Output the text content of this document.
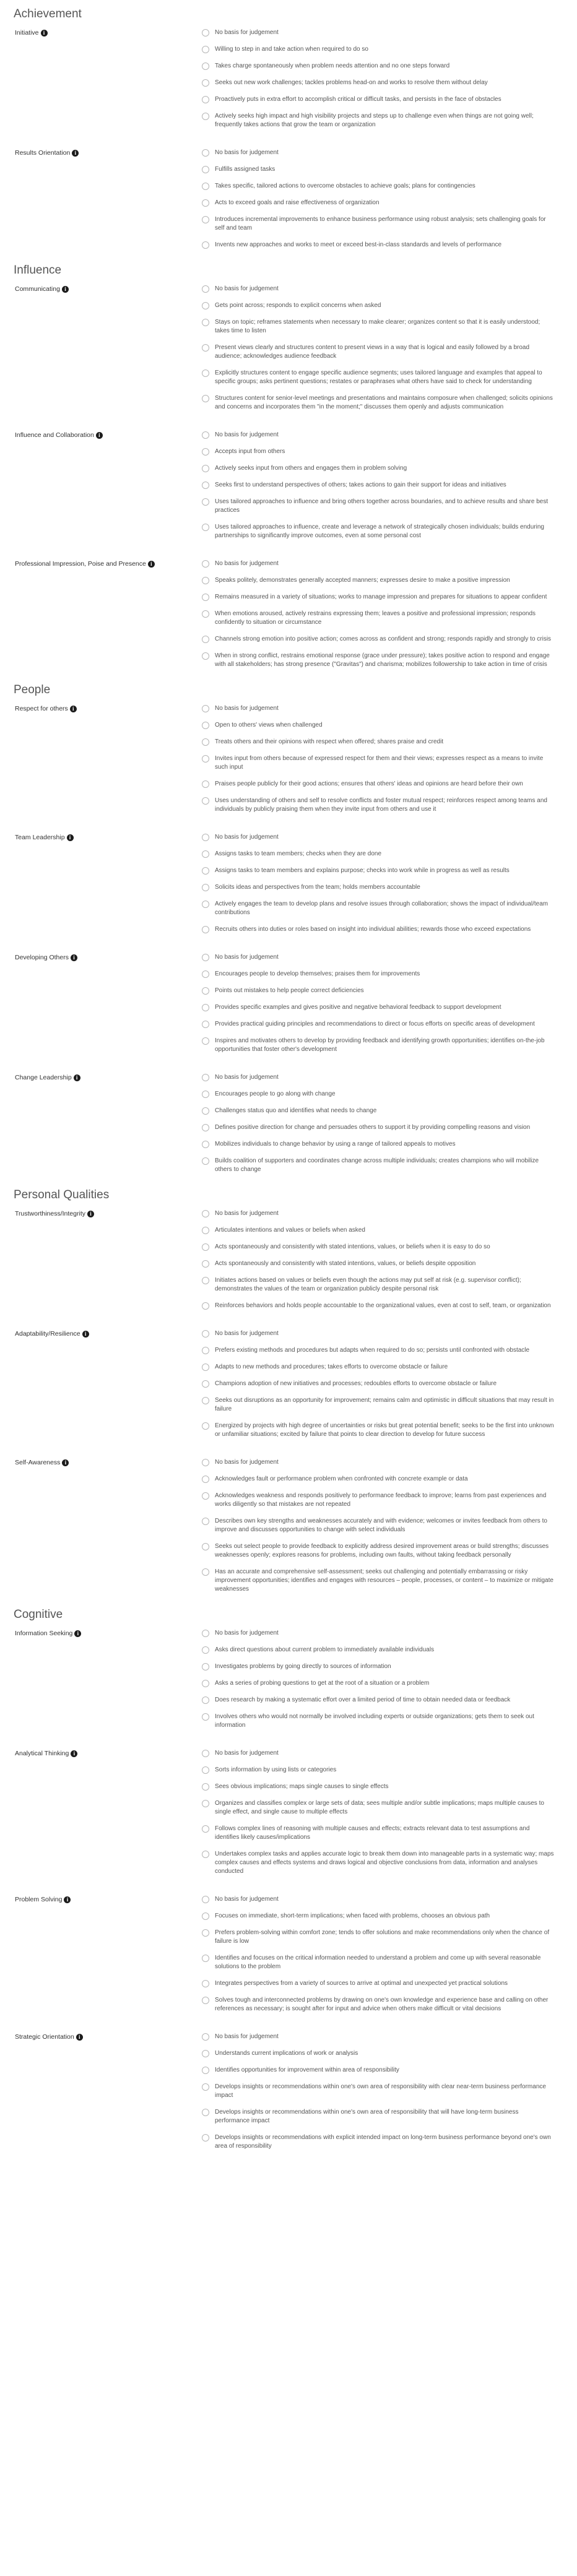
Achievement
Initiative i	No basis for judgement
Willing to step in and take action when required to do so
Takes charge spontaneously when problem needs attention and no one steps forward
Seeks out new work challenges; tackles problems head-on and works to resolve them without delay
Proactively puts in extra effort to accomplish critical or difficult tasks, and persists in the face of obstacles
Actively seeks high impact and high visibility projects and steps up to challenge even when things are not going well; frequently takes actions that grow the team or organization
Results Orientation i	No basis for judgement
Fulfills assigned tasks
Takes specific, tailored actions to overcome obstacles to achieve goals; plans for contingencies
Acts to exceed goals and raise effectiveness of organization
Introduces incremental improvements to enhance business performance using robust analysis; sets challenging goals for self and team
Invents new approaches and works to meet or exceed best-in-class standards and levels of performance
Influence
Communicating i	No basis for judgement
Gets point across; responds to explicit concerns when asked
Stays on topic; reframes statements when necessary to make clearer; organizes content so that it is easily understood; takes time to listen
Present views clearly and structures content to present views in a way that is logical and easily followed by a broad audience; acknowledges audience feedback
Explicitly structures content to engage specific audience segments; uses tailored language and examples that appeal to specific groups; asks pertinent questions; restates or paraphrases what others have said to check for understanding
Structures content for senior-level meetings and presentations and maintains composure when challenged; solicits opinions and concerns and incorporates them "in the moment;" discusses them openly and adjusts communication
Influence and Collaboration i	No basis for judgement
Accepts input from others
Actively seeks input from others and engages them in problem solving
Seeks first to understand perspectives of others; takes actions to gain their support for ideas and initiatives
Uses tailored approaches to influence and bring others together across boundaries, and to achieve results and share best practices
Uses tailored approaches to influence, create and leverage a network of strategically chosen individuals; builds enduring partnerships to significantly improve outcomes, even at some personal cost
Professional Impression, Poise and Presence i	No basis for judgement
Speaks politely, demonstrates generally accepted manners; expresses desire to make a positive impression
Remains measured in a variety of situations; works to manage impression and prepares for situations to appear confident
When emotions aroused, actively restrains expressing them; leaves a positive and professional impression; responds confidently to situation or circumstance
Channels strong emotion into positive action; comes across as confident and strong; responds rapidly and strongly to crisis
When in strong conflict, restrains emotional response (grace under pressure); takes positive action to respond and engage with all stakeholders; has strong presence ("Gravitas") and charisma; mobilizes followership to take action in time of crisis
People
Respect for others i	No basis for judgement
Open to others' views when challenged
Treats others and their opinions with respect when offered; shares praise and credit
Invites input from others because of expressed respect for them and their views; expresses respect as a means to invite such input
Praises people publicly for their good actions; ensures that others' ideas and opinions are heard before their own
Uses understanding of others and self to resolve conflicts and foster mutual respect; reinforces respect among teams and individuals by publicly praising them when they invite input from others and use it
Team Leadership i	No basis for judgement
Assigns tasks to team members; checks when they are done
Assigns tasks to team members and explains purpose; checks into work while in progress as well as results
Solicits ideas and perspectives from the team; holds members accountable
Actively engages the team to develop plans and resolve issues through collaboration; shows the impact of individual/team contributions
Recruits others into duties or roles based on insight into individual abilities; rewards those who exceed expectations
Developing Others i	No basis for judgement
Encourages people to develop themselves; praises them for improvements
Points out mistakes to help people correct deficiencies
Provides specific examples and gives positive and negative behavioral feedback to support development
Provides practical guiding principles and recommendations to direct or focus efforts on specific areas of development
Inspires and motivates others to develop by providing feedback and identifying growth opportunities; identifies on-the-job opportunities that foster other's development
Change Leadership i	No basis for judgement
Encourages people to go along with change
Challenges status quo and identifies what needs to change
Defines positive direction for change and persuades others to support it by providing compelling reasons and vision
Mobilizes individuals to change behavior by using a range of tailored appeals to motives
Builds coalition of supporters and coordinates change across multiple individuals; creates champions who will mobilize others to change
Personal Qualities
Trustworthiness/Integrity i	No basis for judgement
Articulates intentions and values or beliefs when asked
Acts spontaneously and consistently with stated intentions, values, or beliefs when it is easy to do so
Acts spontaneously and consistently with stated intentions, values, or beliefs despite opposition
Initiates actions based on values or beliefs even though the actions may put self at risk (e.g. supervisor conflict); demonstrates the values of the team or organization publicly despite personal risk
Reinforces behaviors and holds people accountable to the organizational values, even at cost to self, team, or organization
Adaptability/Resilience i	No basis for judgement
Prefers existing methods and procedures but adapts when required to do so; persists until confronted with obstacle
Adapts to new methods and procedures; takes efforts to overcome obstacle or failure
Champions adoption of new initiatives and processes; redoubles efforts to overcome obstacle or failure
Seeks out disruptions as an opportunity for improvement; remains calm and optimistic in difficult situations that may result in failure
Energized by projects with high degree of uncertainties or risks but great potential benefit; seeks to be the first into unknown or unfamiliar situations; excited by failure that points to clear direction to develop for future success
Self-Awareness i	No basis for judgement
Acknowledges fault or performance problem when confronted with concrete example or data
Acknowledges weakness and responds positively to performance feedback to improve; learns from past experiences and works diligently so that mistakes are not repeated
Describes own key strengths and weaknesses accurately and with evidence; welcomes or invites feedback from others to improve and discusses opportunities to change with select individuals
Seeks out select people to provide feedback to explicitly address desired improvement areas or build strengths; discusses weaknesses openly; explores reasons for problems, including own faults, without taking feedback personally
Has an accurate and comprehensive self-assessment; seeks out challenging and potentially embarrassing or risky improvement opportunities; identifies and engages with resources – people, processes, or content – to maximize or mitigate weaknesses
Cognitive
Information Seeking i	No basis for judgement
Asks direct questions about current problem to immediately available individuals
Investigates problems by going directly to sources of information
Asks a series of probing questions to get at the root of a situation or a problem
Does research by making a systematic effort over a limited period of time to obtain needed data or feedback
Involves others who would not normally be involved including experts or outside organizations; gets them to seek out information
Analytical Thinking i	No basis for judgement
Sorts information by using lists or categories
Sees obvious implications; maps single causes to single effects
Organizes and classifies complex or large sets of data; sees multiple and/or subtle implications; maps multiple causes to single effect, and single cause to multiple effects
Follows complex lines of reasoning with multiple causes and effects; extracts relevant data to test assumptions and identifies likely causes/implications
Undertakes complex tasks and applies accurate logic to break them down into manageable parts in a systematic way; maps complex causes and effects systems and draws logical and objective conclusions from data, information and analyses conducted
Problem Solving i	No basis for judgement
Focuses on immediate, short-term implications; when faced with problems, chooses an obvious path
Prefers problem-solving within comfort zone; tends to offer solutions and make recommendations only when the chance of failure is low
Identifies and focuses on the critical information needed to understand a problem and come up with several reasonable solutions to the problem
Integrates perspectives from a variety of sources to arrive at optimal and unexpected yet practical solutions
Solves tough and interconnected problems by drawing on one's own knowledge and experience base and calling on other references as necessary; is sought after for input and advice when others make difficult or vital decisions
Strategic Orientation i	No basis for judgement
Understands current implications of work or analysis
Identifies opportunities for improvement within area of responsibility
Develops insights or recommendations within one's own area of responsibility with clear near-term business performance impact
Develops insights or recommendations within one's own area of responsibility that will have long-term business performance impact
Develops insights or recommendations with explicit intended impact on long-term business performance beyond one's own area of responsibility
